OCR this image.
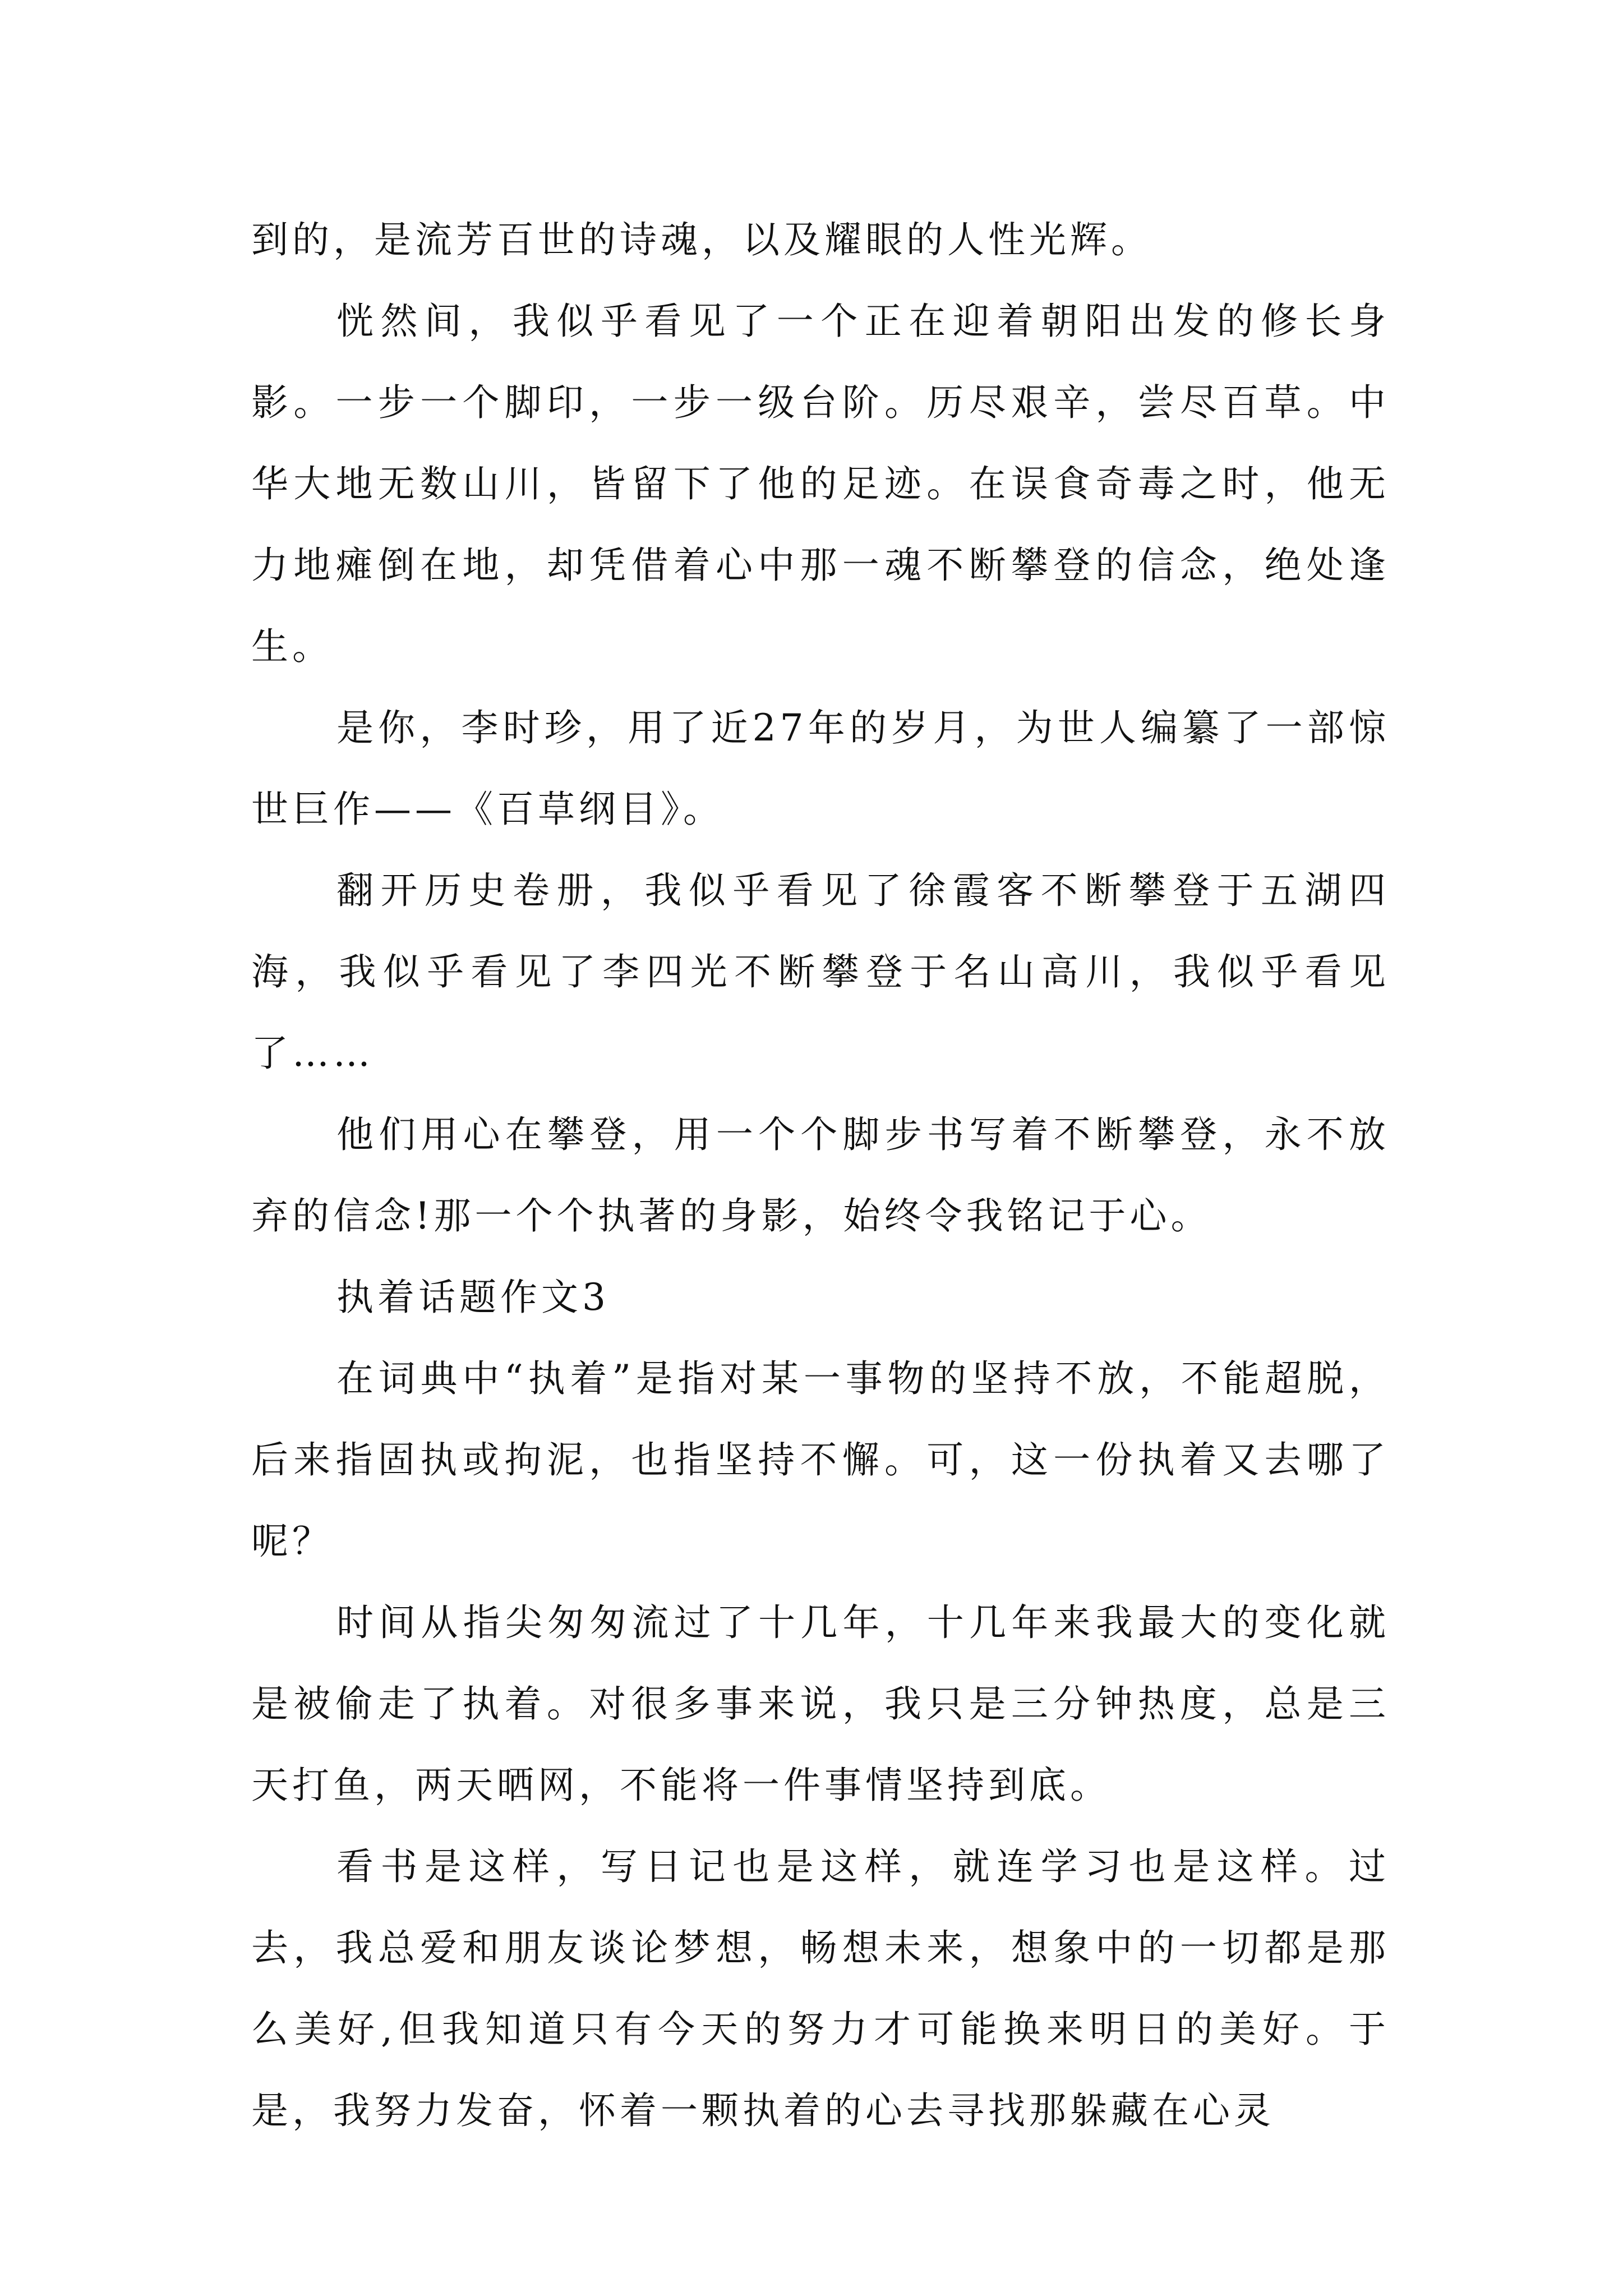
到的，是流芳百世的诗魂，以及耀眼的人性光辉。

恍然间，我似乎看见了一个正在迎着朝阳出发的修长身影。一步一个脚印，一步一级台阶。历尽艰辛，尝尽百草。中华大地无数山川，皆留下了他的足迹。在误食奇毒之时，他无力地瘫倒在地，却凭借着心中那一魂不断攀登的信念，绝处逢生。

是你，李时珍，用了近27年的岁月，为世人编纂了一部惊世巨作——《百草纲目》。

翻开历史卷册，我似乎看见了徐霞客不断攀登于五湖四海，我似乎看见了李四光不断攀登于名山高川，我似乎看见了……

他们用心在攀登，用一个个脚步书写着不断攀登，永不放弃的信念!那一个个执著的身影，始终令我铭记于心。

执着话题作文3

在词典中“执着”是指对某一事物的坚持不放，不能超脱，后来指固执或拘泥，也指坚持不懈。可，这一份执着又去哪了呢？

时间从指尖匆匆流过了十几年，十几年来我最大的变化就是被偷走了执着。对很多事来说，我只是三分钟热度，总是三天打鱼，两天晒网，不能将一件事情坚持到底。

看书是这样，写日记也是这样，就连学习也是这样。过去，我总爱和朋友谈论梦想，畅想未来，想象中的一切都是那么美好,但我知道只有今天的努力才可能换来明日的美好。于是，我努力发奋，怀着一颗执着的心去寻找那躲藏在心灵
